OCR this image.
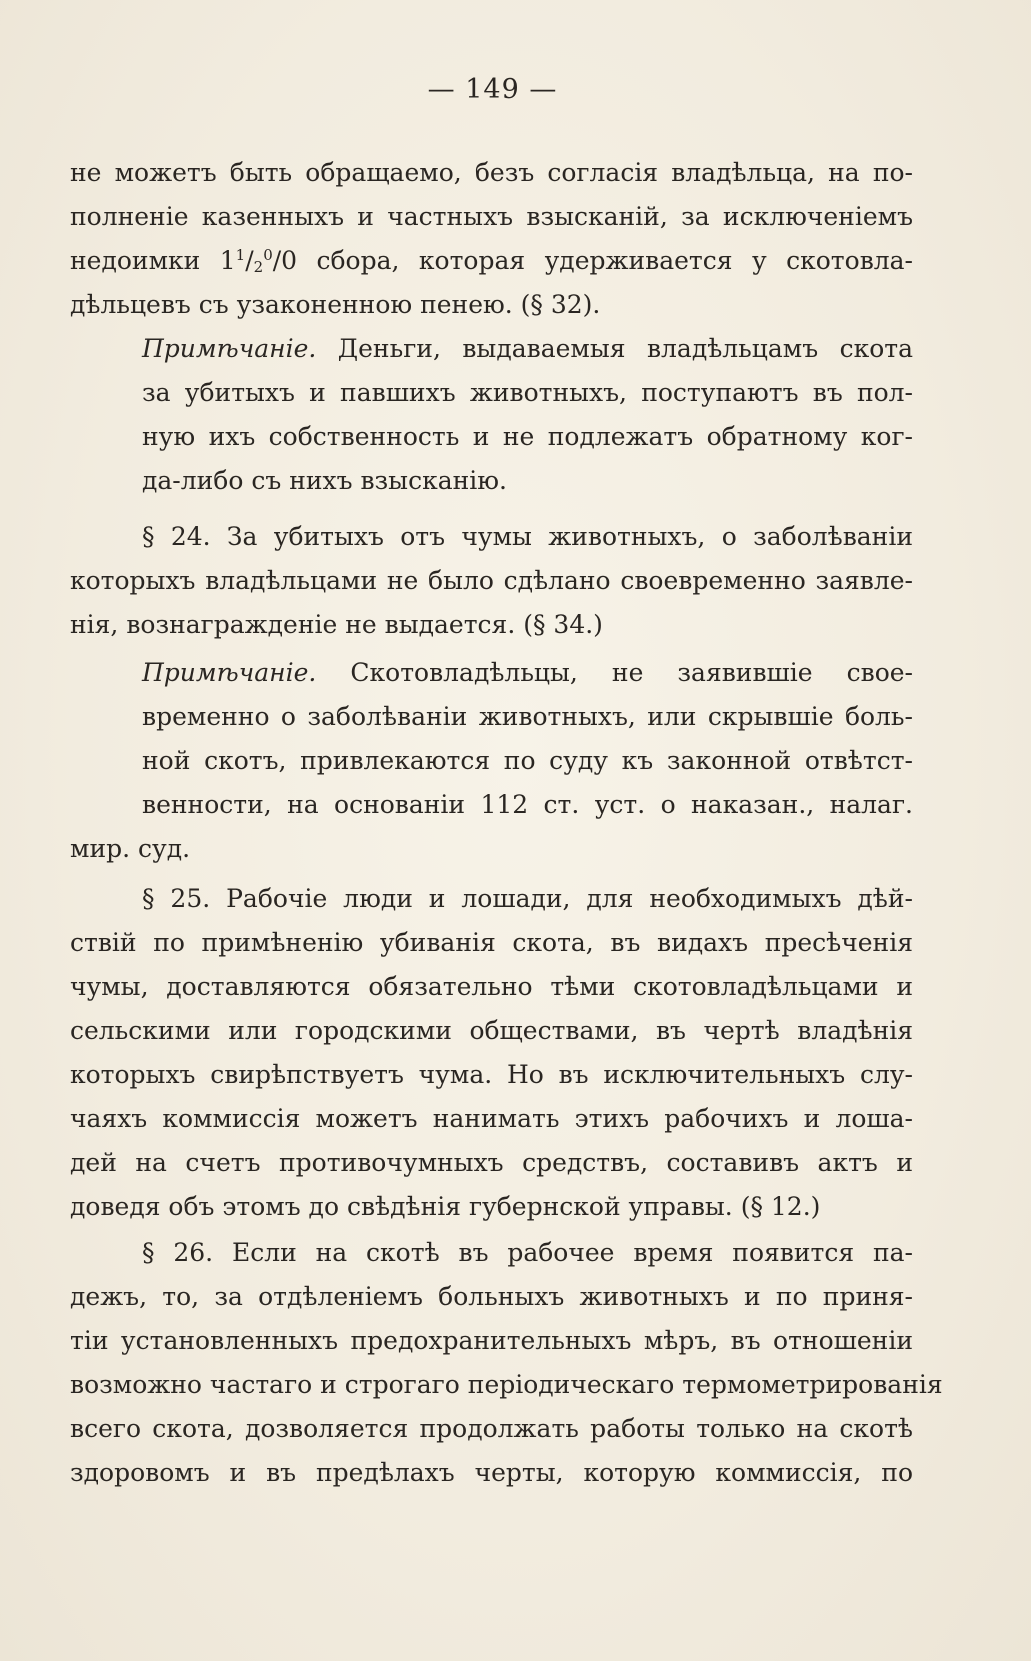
— 149 —
не можетъ быть обращаемо, безъ согласія владѣльца, на по-
полненіе казенныхъ и частныхъ взысканій, за исключеніемъ
недоимки $1^1/_2^0/0$ сбора, которая удерживается у скотовла-
дѣльцевъ съ узаконенною пенею. (§ 32).
Примѣчаніе. Деньги, выдаваемыя владѣльцамъ скота
за убитыхъ и павшихъ животныхъ, поступаютъ въ пол-
ную ихъ собственность и не подлежатъ обратному ког-
да-либо съ нихъ взысканію.
§ 24. За убитыхъ отъ чумы животныхъ, о заболѣваніи
которыхъ владѣльцами не было сдѣлано своевременно заявле-
нія, вознагражденіе не выдается. (§ 34.)
Примѣчаніе. Скотовладѣльцы, не заявившіе свое-
временно о заболѣваніи животныхъ, или скрывшіе боль-
ной скотъ, привлекаются по суду къ законной отвѣтст-
венности, на основаніи 112 ст. уст. о наказан., налаг.
мир. суд.
§ 25. Рабочіе люди и лошади, для необходимыхъ дѣй-
ствій по примѣненію убиванія скота, въ видахъ пресѣченія
чумы, доставляются обязательно тѣми скотовладѣльцами и
сельскими или городскими обществами, въ чертѣ владѣнія
которыхъ свирѣпствуетъ чума. Но въ исключительныхъ слу-
чаяхъ коммиссія можетъ нанимать этихъ рабочихъ и лоша-
дей на счетъ противочумныхъ средствъ, составивъ актъ и
доведя объ этомъ до свѣдѣнія губернской управы. (§ 12.)
§ 26. Если на скотѣ въ рабочее время появится па-
дежъ, то, за отдѣленіемъ больныхъ животныхъ и по приня-
тіи установленныхъ предохранительныхъ мѣръ, въ отношеніи
возможно частаго и строгаго періодическаго термометрированія
всего скота, дозволяется продолжать работы только на скотѣ
здоровомъ и въ предѣлахъ черты, которую коммиссія, по
